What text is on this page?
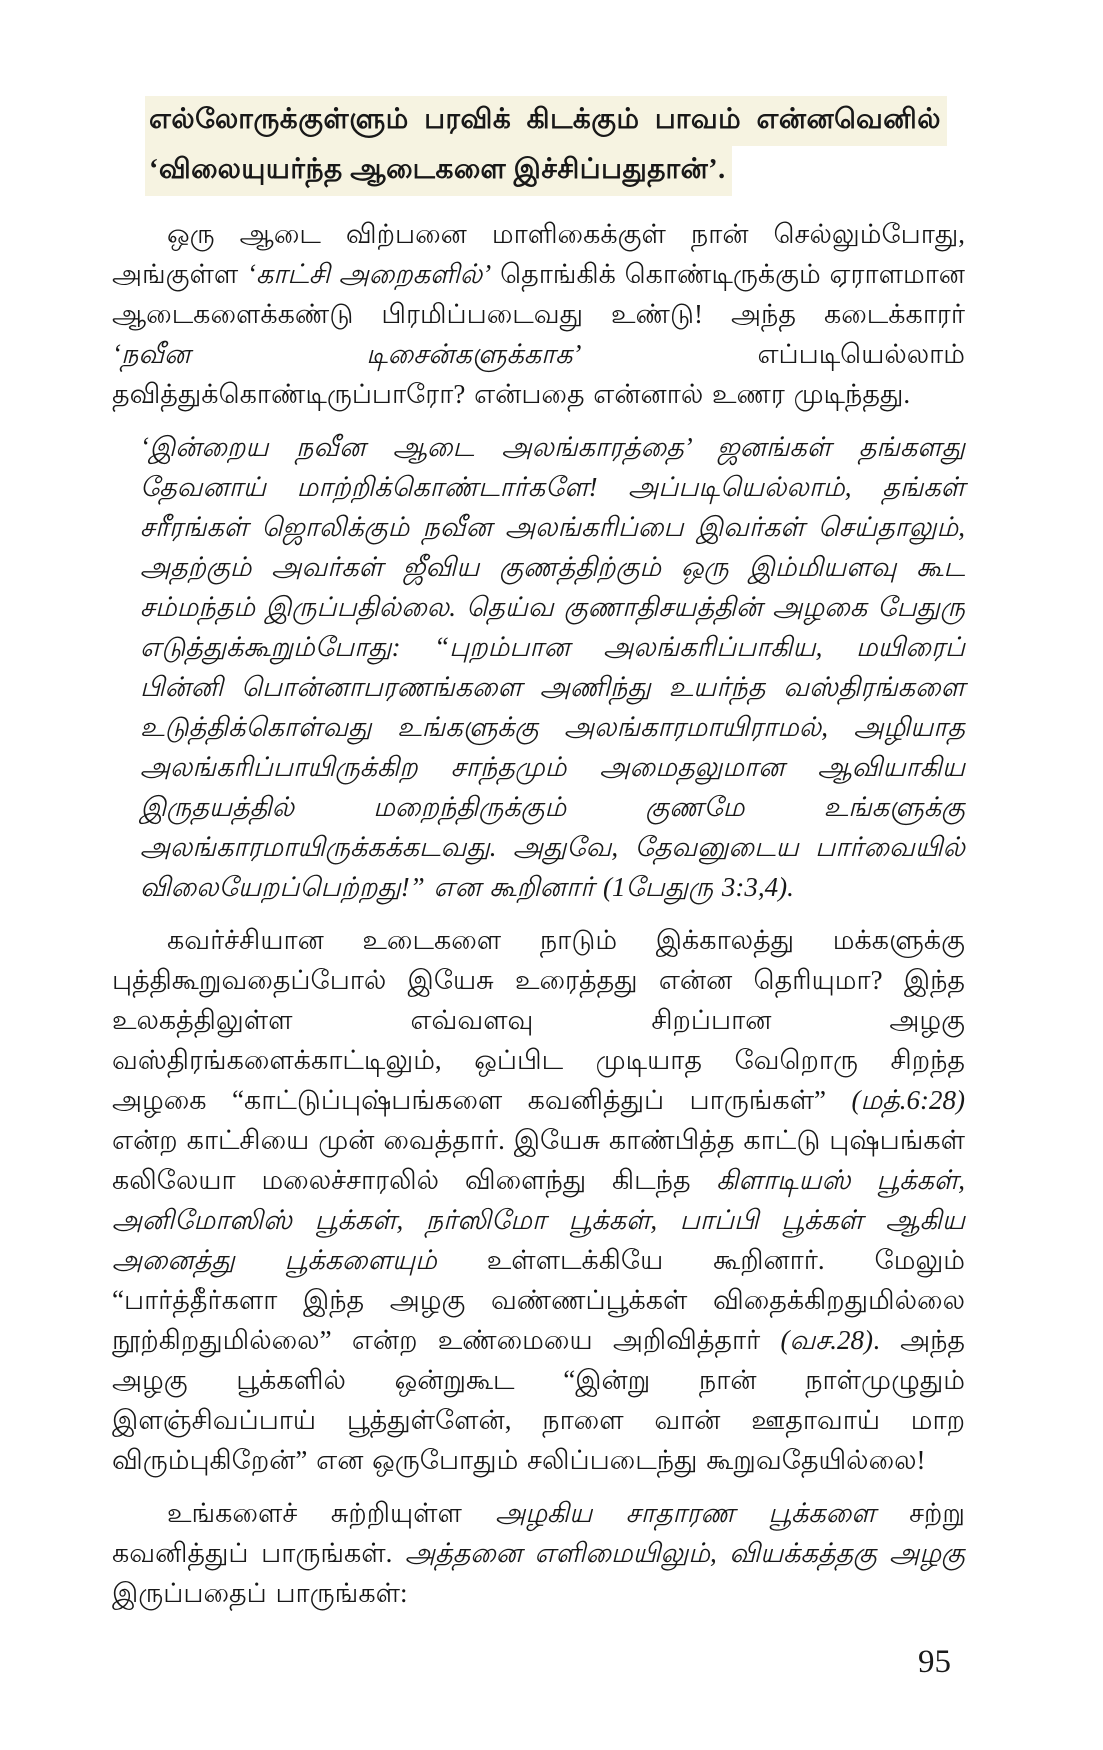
எல்லோருக்குள்ளும் பரவிக் கிடக்கும் பாவம் என்னவெனில்
‘விலையுயர்ந்த ஆடைகளை இச்சிப்பதுதான்’.

ஒரு ஆடை விற்பனை மாளிகைக்குள் நான் செல்லும்போது, அங்குள்ள ‘காட்சி அறைகளில்’ தொங்கிக் கொண்டிருக்கும் ஏராளமான ஆடைகளைக்கண்டு பிரமிப்படைவது உண்டு! அந்த கடைக்காரர் ‘நவீன டிசைன்களுக்காக’ எப்படியெல்லாம் தவித்துக்கொண்டிருப்பாரோ? என்பதை என்னால் உணர முடிந்தது.

‘இன்றைய நவீன ஆடை அலங்காரத்தை’ ஜனங்கள் தங்களது தேவனாய் மாற்றிக்கொண்டார்களே! அப்படியெல்லாம், தங்கள் சரீரங்கள் ஜொலிக்கும் நவீன அலங்கரிப்பை இவர்கள் செய்தாலும், அதற்கும் அவர்கள் ஜீவிய குணத்திற்கும் ஒரு இம்மியளவு கூட சம்மந்தம் இருப்பதில்லை. தெய்வ குணாதிசயத்தின் அழகை பேதுரு எடுத்துக்கூறும்போது: “புறம்பான அலங்கரிப்பாகிய, மயிரைப் பின்னி பொன்னாபரணங்களை அணிந்து உயர்ந்த வஸ்திரங்களை உடுத்திக்கொள்வது உங்களுக்கு அலங்காரமாயிராமல், அழியாத அலங்கரிப்பாயிருக்கிற சாந்தமும் அமைதலுமான ஆவியாகிய இருதயத்தில் மறைந்திருக்கும் குணமே உங்களுக்கு அலங்காரமாயிருக்கக்கடவது. அதுவே, தேவனுடைய பார்வையில் விலையேறப்பெற்றது!” என கூறினார் (1பேதுரு 3:3,4).

கவர்ச்சியான உடைகளை நாடும் இக்காலத்து மக்களுக்கு புத்திகூறுவதைப்போல் இயேசு உரைத்தது என்ன தெரியுமா? இந்த உலகத்திலுள்ள எவ்வளவு சிறப்பான அழகு வஸ்திரங்களைக்காட்டிலும், ஒப்பிட முடியாத வேறொரு சிறந்த அழகை “காட்டுப்புஷ்பங்களை கவனித்துப் பாருங்கள்” (மத்.6:28) என்ற காட்சியை முன் வைத்தார். இயேசு காண்பித்த காட்டு புஷ்பங்கள் கலிலேயா மலைச்சாரலில் விளைந்து கிடந்த கிளாடியஸ் பூக்கள், அனிமோஸிஸ் பூக்கள், நர்ஸிமோ பூக்கள், பாப்பி பூக்கள் ஆகிய அனைத்து பூக்களையும் உள்ளடக்கியே கூறினார். மேலும் “பார்த்தீர்களா இந்த அழகு வண்ணப்பூக்கள் விதைக்கிறதுமில்லை நூற்கிறதுமில்லை” என்ற உண்மையை அறிவித்தார் (வச.28). அந்த அழகு பூக்களில் ஒன்றுகூட “இன்று நான் நாள்முழுதும் இளஞ்சிவப்பாய் பூத்துள்ளேன், நாளை வான் ஊதாவாய் மாற விரும்புகிறேன்” என ஒருபோதும் சலிப்படைந்து கூறுவதேயில்லை!

உங்களைச் சுற்றியுள்ள அழகிய சாதாரண பூக்களை சற்று கவனித்துப் பாருங்கள். அத்தனை எளிமையிலும், வியக்கத்தகு அழகு இருப்பதைப் பாருங்கள்:

95
